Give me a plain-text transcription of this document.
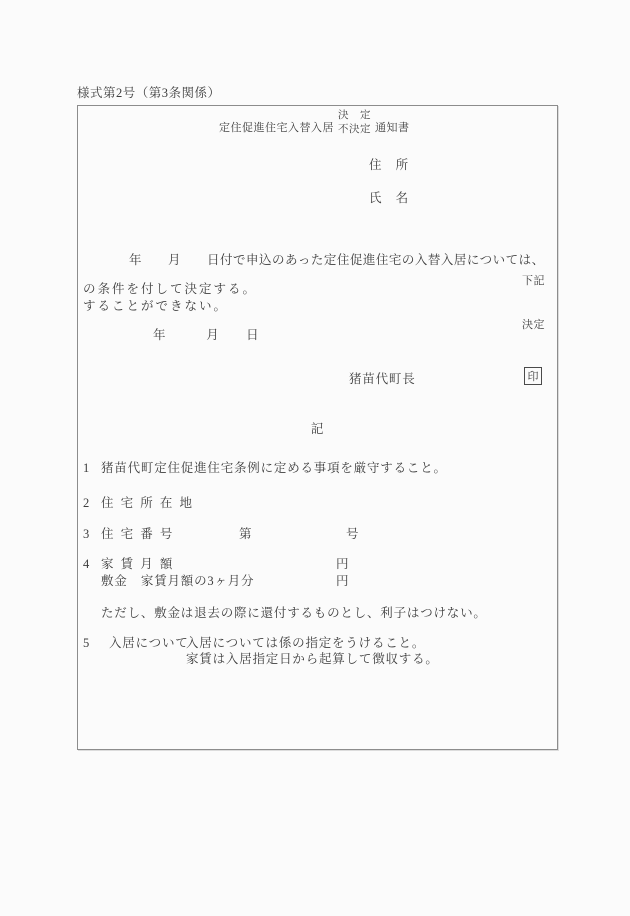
様式第2号（第3条関係）
定住促進住宅入替入居
決　定
不決定 通知書
住　所
氏　名
年　　月　　日付で申込のあった定住促進住宅の入替入居については、

下記

決定

の条件を付して決定する。
することができない。
年　　　月　　日
猪苗代町長	印
記
1 猪苗代町定住促進住宅条例に定める事項を厳守すること。
2 住 宅 所 在 地
3 住 宅 番 号	第	号
4 家 賃 月 額	円
敷金　家賃月額の3ヶ月分	円
ただし、敷金は退去の際に還付するものとし、利子はつけない。
5 入居について
入居については係の指定をうけること。
家賃は入居指定日から起算して徴収する。
